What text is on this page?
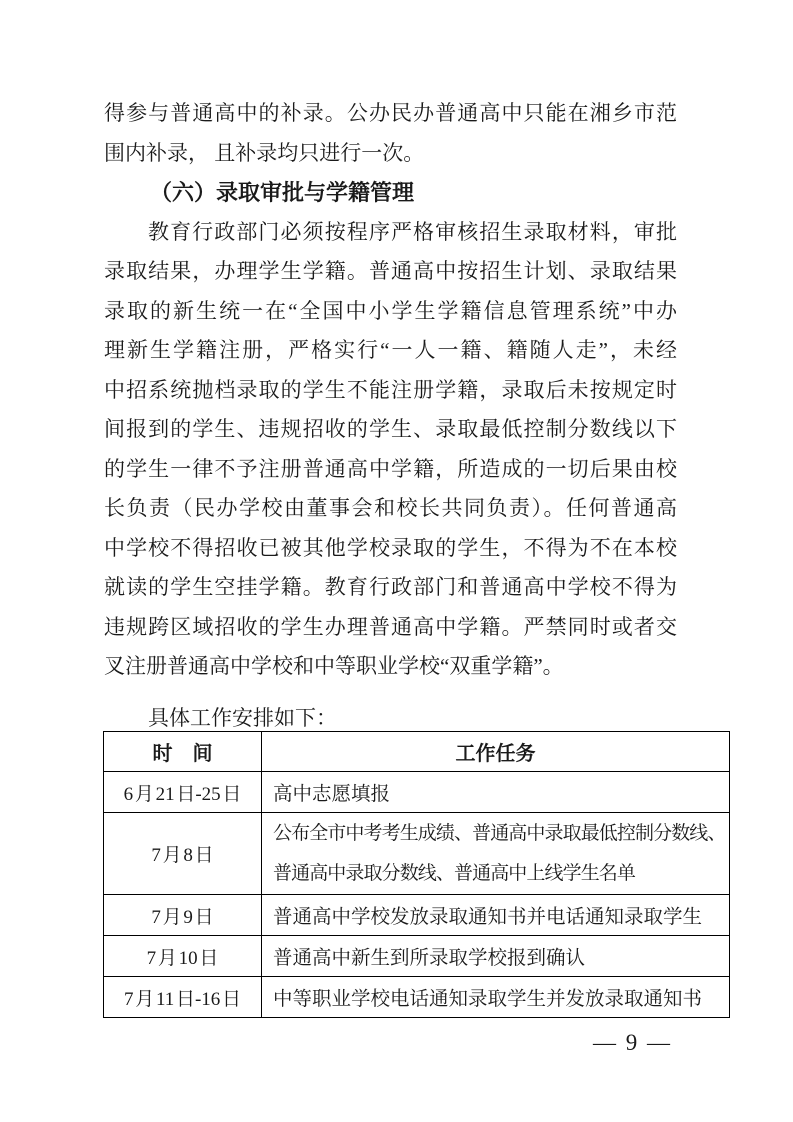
得参与普通高中的补录。公办民办普通高中只能在湘乡市范
围内补录， 且补录均只进行一次。
（六）录取审批与学籍管理
教育行政部门必须按程序严格审核招生录取材料，审批
录取结果，办理学生学籍。普通高中按招生计划、录取结果
录取的新生统一在“全国中小学生学籍信息管理系统”中办
理新生学籍注册，严格实行“一人一籍、籍随人走”，未经
中招系统抛档录取的学生不能注册学籍，录取后未按规定时
间报到的学生、违规招收的学生、录取最低控制分数线以下
的学生一律不予注册普通高中学籍，所造成的一切后果由校
长负责（民办学校由董事会和校长共同负责）。任何普通高
中学校不得招收已被其他学校录取的学生，不得为不在本校
就读的学生空挂学籍。教育行政部门和普通高中学校不得为
违规跨区域招收的学生办理普通高中学籍。严禁同时或者交
叉注册普通高中学校和中等职业学校“双重学籍”。
具体工作安排如下：
时　间	工作任务
6 月 21 日-25 日	高中志愿填报
7 月 8 日	公布全市中考考生成绩、普通高中录取最低控制分数线、
普通高中录取分数线、普通高中上线学生名单

7 月 9 日	普通高中学校发放录取通知书并电话通知录取学生
7 月 10 日	普通高中新生到所录取学校报到确认
7 月 11 日-16 日	中等职业学校电话通知录取学生并发放录取通知书
— 9 —
